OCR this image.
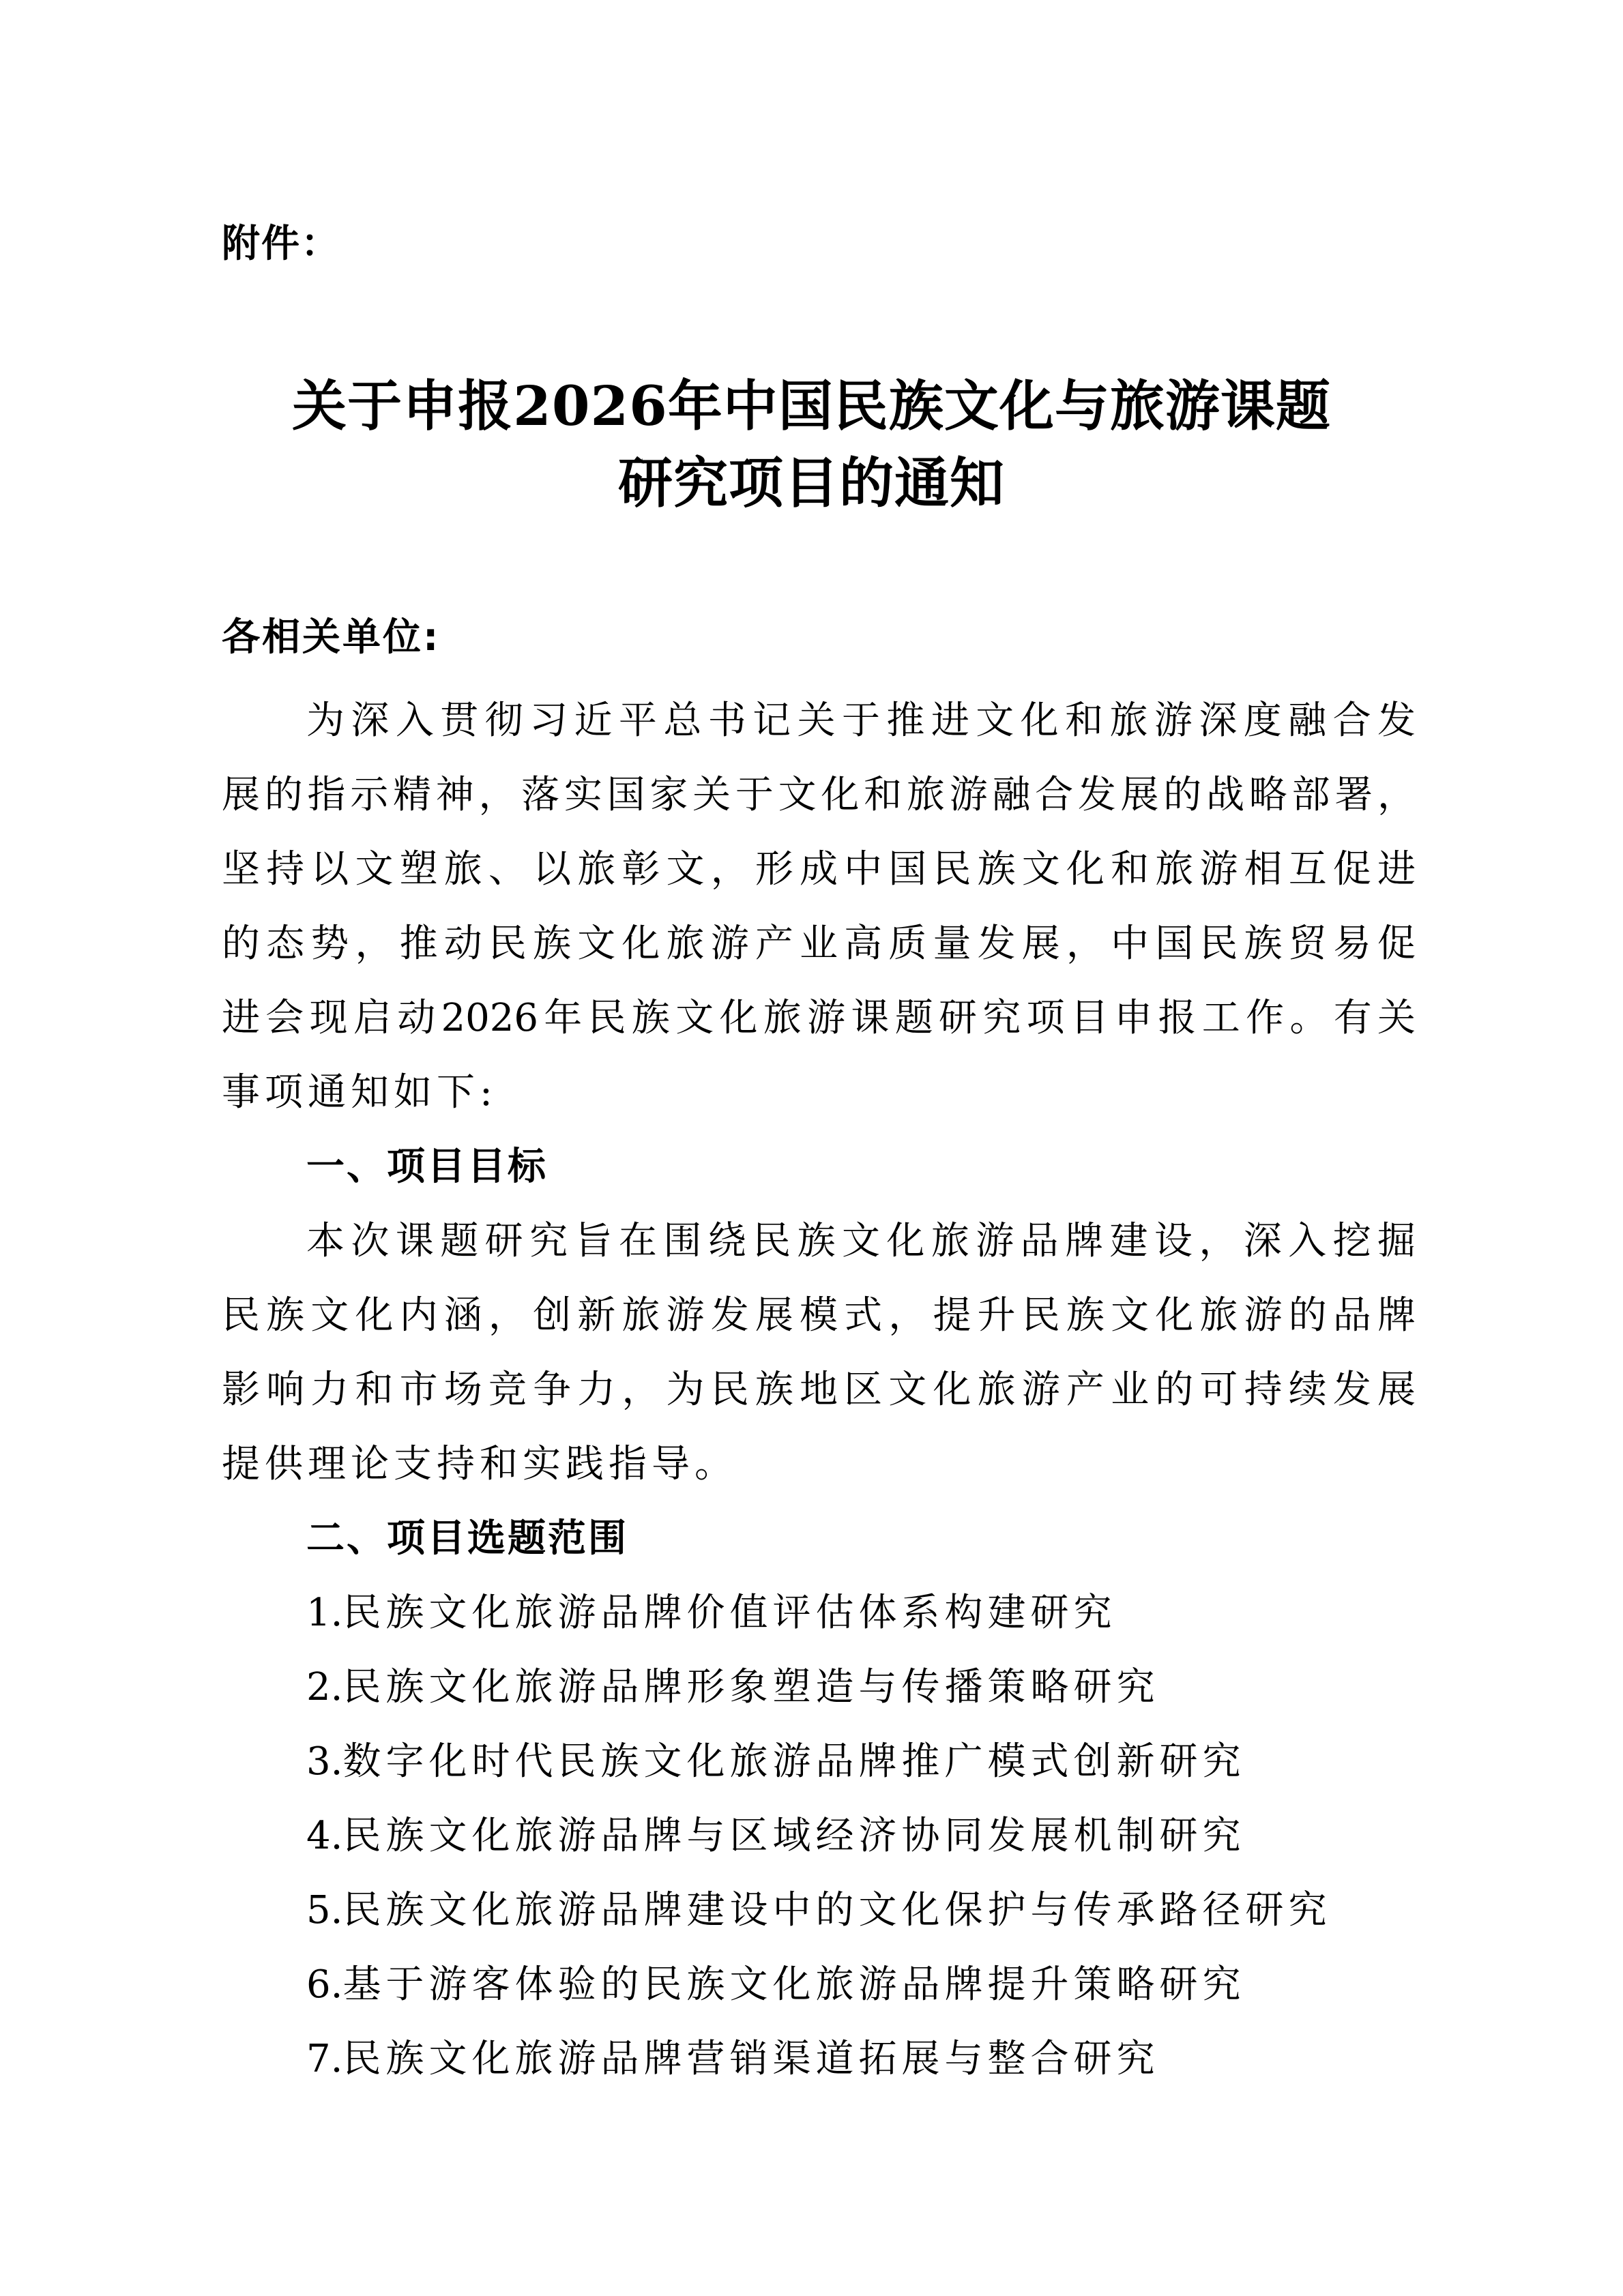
附件：
关于申报2026年中国民族文化与旅游课题
研究项目的通知
各相关单位:
为深入贯彻习近平总书记关于推进文化和旅游深度融合发
展的指示精神，落实国家关于文化和旅游融合发展的战略部署，
坚持以文塑旅、以旅彰文，形成中国民族文化和旅游相互促进
的态势，推动民族文化旅游产业高质量发展，中国民族贸易促
进会现启动2026年民族文化旅游课题研究项目申报工作。有关
事项通知如下:
一、项目目标
本次课题研究旨在围绕民族文化旅游品牌建设，深入挖掘
民族文化内涵，创新旅游发展模式，提升民族文化旅游的品牌
影响力和市场竞争力，为民族地区文化旅游产业的可持续发展
提供理论支持和实践指导。
二、项目选题范围
1.民族文化旅游品牌价值评估体系构建研究
2.民族文化旅游品牌形象塑造与传播策略研究
3.数字化时代民族文化旅游品牌推广模式创新研究
4.民族文化旅游品牌与区域经济协同发展机制研究
5.民族文化旅游品牌建设中的文化保护与传承路径研究
6.基于游客体验的民族文化旅游品牌提升策略研究
7.民族文化旅游品牌营销渠道拓展与整合研究
